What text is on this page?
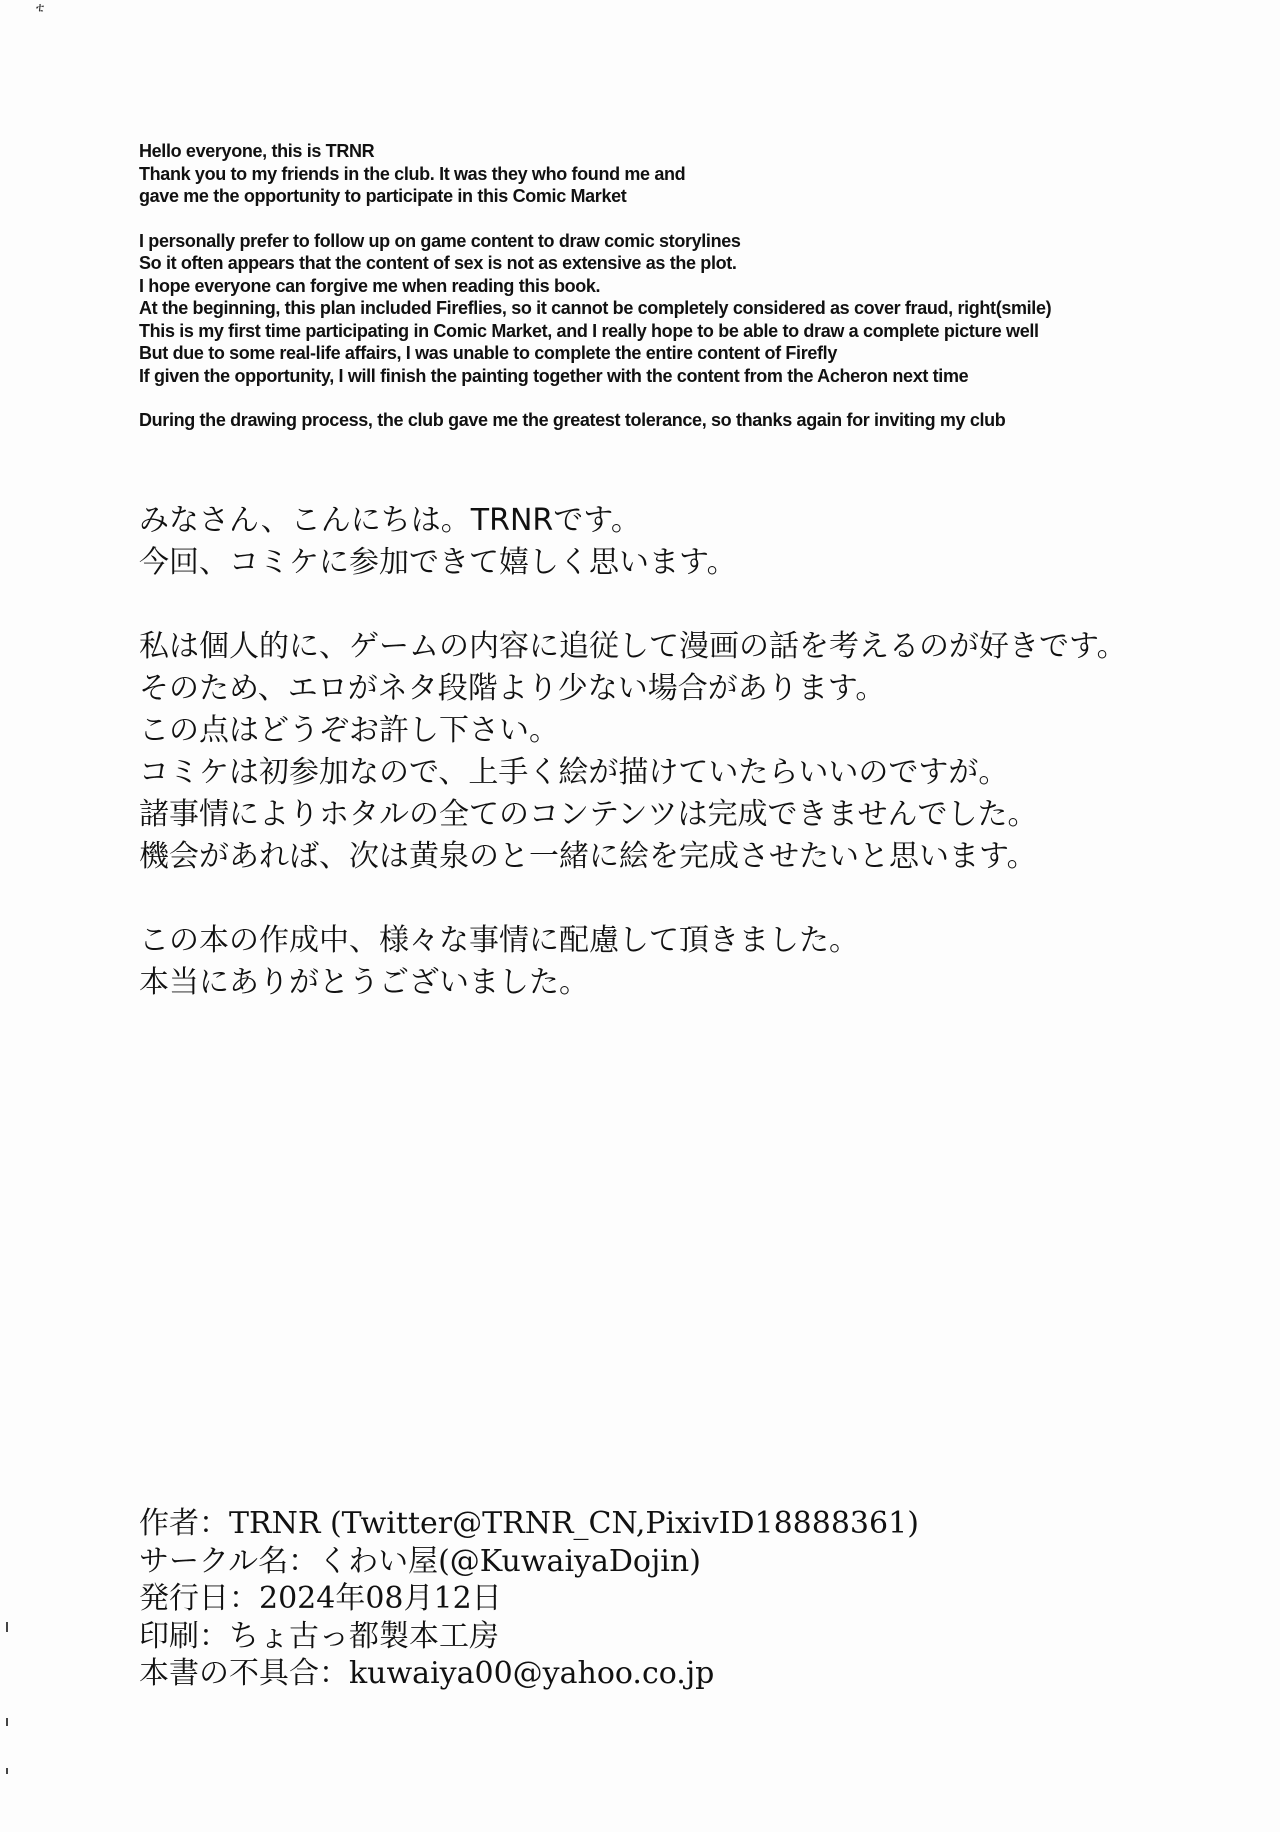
ቲ
Hello everyone, this is TRNR
Thank you to my friends in the club. It was they who found me and
gave me the opportunity to participate in this Comic Market
I personally prefer to follow up on game content to draw comic storylines
So it often appears that the content of sex is not as extensive as the plot.
I hope everyone can forgive me when reading this book.
At the beginning, this plan included Fireflies, so it cannot be completely considered as cover fraud, right(smile)
This is my first time participating in Comic Market, and I really hope to be able to draw a complete picture well
But due to some real-life affairs, I was unable to complete the entire content of Firefly
If given the opportunity, I will finish the painting together with the content from the Acheron next time
During the drawing process, the club gave me the greatest tolerance, so thanks again for inviting my club
みなさん、こんにちは。TRNRです。
今回、コミケに参加できて嬉しく思います。
私は個人的に、ゲームの内容に追従して漫画の話を考えるのが好きです。
そのため、エロがネタ段階より少ない場合があります。
この点はどうぞお許し下さい。
コミケは初参加なので、上手く絵が描けていたらいいのですが。
諸事情によりホタルの全てのコンテンツは完成できませんでした。
機会があれば、次は黄泉のと一緒に絵を完成させたいと思います。
この本の作成中、様々な事情に配慮して頂きました。
本当にありがとうございました。
作者：TRNR (Twitter@TRNR_CN,PixivID18888361)
サークル名：くわい屋(@KuwaiyaDojin)
発行日：2024年08月12日
印刷：ちょ古っ都製本工房
本書の不具合：kuwaiya00@yahoo.co.jp
